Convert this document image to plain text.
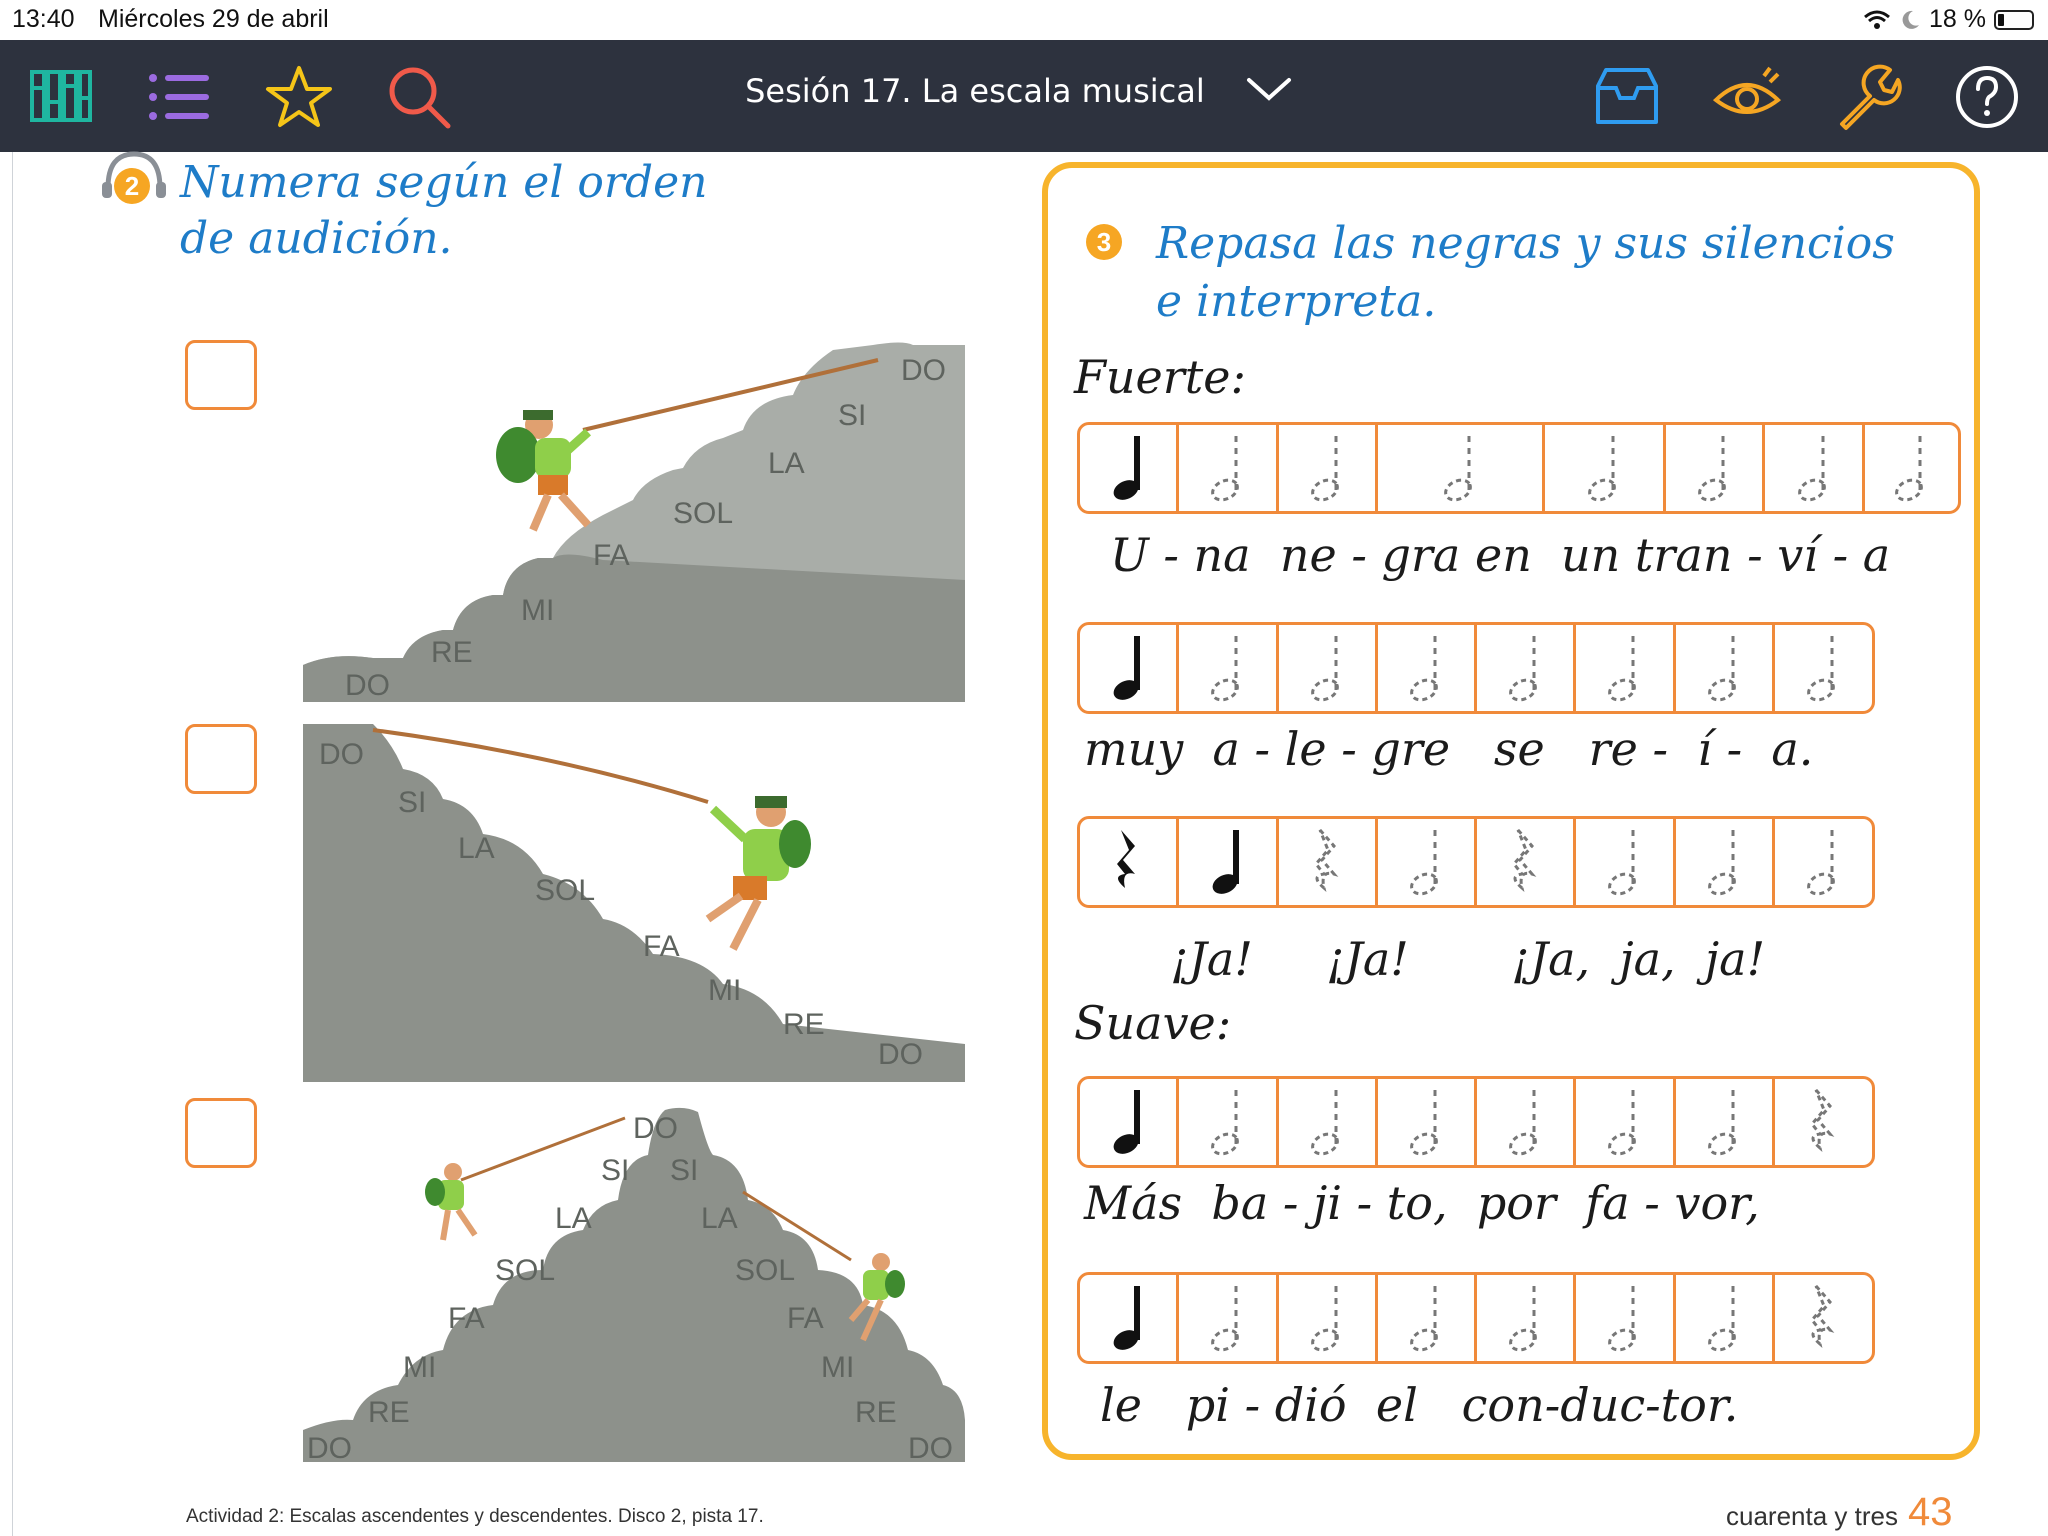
13:40 Miércoles 29 de abril	18 %
Sesión 17. La escala musical
2 Numera según el orden
de audición.
DO
RE
MI
FA
SOL
LA
SI
DO
DO
SI
LA
SOL
FA
MI
RE
DO
DO
RE
MI
FA
SOL
LA
SI
DO
SI
LA
SOL
FA
MI
RE
DO
3 Repasa las negras y sus silencios
e interpreta.
Fuerte:
U - na  ne - gra en  un tran - ví - a
muy  a - le - gre   se   re -  í -  a.
¡Ja!     ¡Ja!       ¡Ja,  ja,  ja!
Suave:
Más  ba - ji - to,  por  fa - vor,
le   pi - dió  el   con-duc-tor.
Actividad 2: Escalas ascendentes y descendentes. Disco 2, pista 17.	cuarenta y tres 43
